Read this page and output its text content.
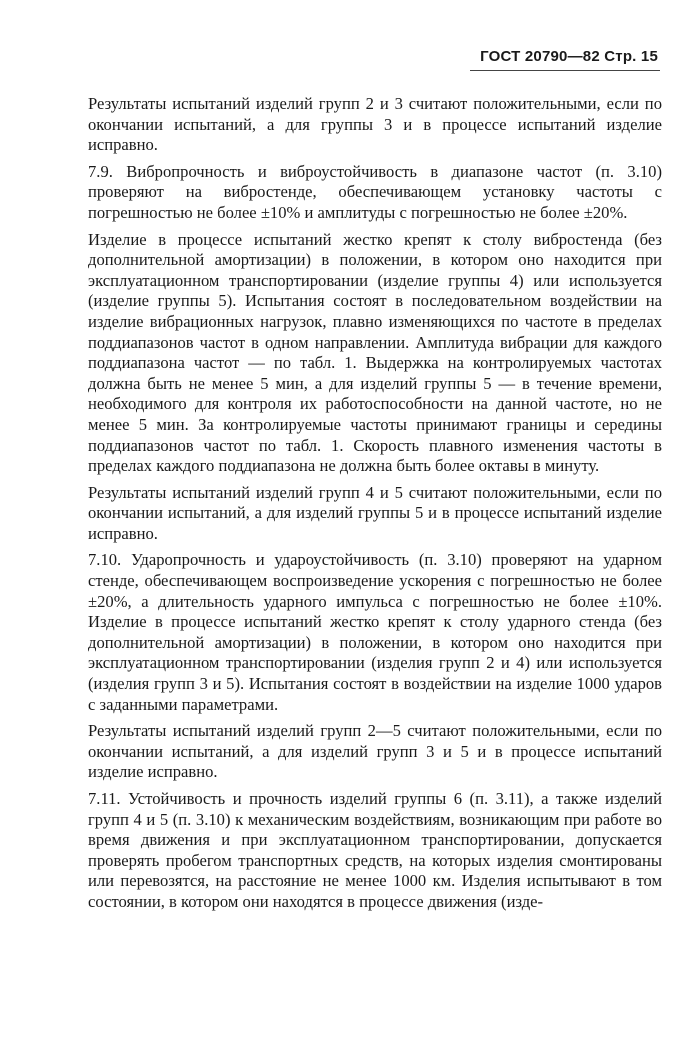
ГОСТ 20790—82 Стр. 15

Результаты испытаний изделий групп 2 и 3 считают положительными, если по окончании испытаний, а для группы 3 и в процессе испытаний изделие исправно.

7.9. Вибропрочность и виброустойчивость в диапазоне частот (п. 3.10) проверяют на вибростенде, обеспечивающем установку частоты с погрешностью не более ±10% и амплитуды с погрешностью не более ±20%.

Изделие в процессе испытаний жестко крепят к столу вибростенда (без дополнительной амортизации) в положении, в котором оно находится при эксплуатационном транспортировании (изделие группы 4) или используется (изделие группы 5). Испытания состоят в последовательном воздействии на изделие вибрационных нагрузок, плавно изменяющихся по частоте в пределах поддиапазонов частот в одном направлении. Амплитуда вибрации для каждого поддиапазона частот — по табл. 1. Выдержка на контролируемых частотах должна быть не менее 5 мин, а для изделий группы 5 — в течение времени, необходимого для контроля их работоспособности на данной частоте, но не менее 5 мин. За контролируемые частоты принимают границы и середины поддиапазонов частот по табл. 1. Скорость плавного изменения частоты в пределах каждого поддиапазона не должна быть более октавы в минуту.

Результаты испытаний изделий групп 4 и 5 считают положительными, если по окончании испытаний, а для изделий группы 5 и в процессе испытаний изделие исправно.

7.10. Ударопрочность и удароустойчивость (п. 3.10) проверяют на ударном стенде, обеспечивающем воспроизведение ускорения с погрешностью не более ±20%, а длительность ударного импульса с погрешностью не более ±10%. Изделие в процессе испытаний жестко крепят к столу ударного стенда (без дополнительной амортизации) в положении, в котором оно находится при эксплуатационном транспортировании (изделия групп 2 и 4) или используется (изделия групп 3 и 5). Испытания состоят в воздействии на изделие 1000 ударов с заданными параметрами.

Результаты испытаний изделий групп 2—5 считают положительными, если по окончании испытаний, а для изделий групп 3 и 5 и в процессе испытаний изделие исправно.

7.11. Устойчивость и прочность изделий группы 6 (п. 3.11), а также изделий групп 4 и 5 (п. 3.10) к механическим воздействиям, возникающим при работе во время движения и при эксплуатационном транспортировании, допускается проверять пробегом транспортных средств, на которых изделия смонтированы или перевозятся, на расстояние не менее 1000 км. Изделия испытывают в том состоянии, в котором они находятся в процессе движения (изде-
